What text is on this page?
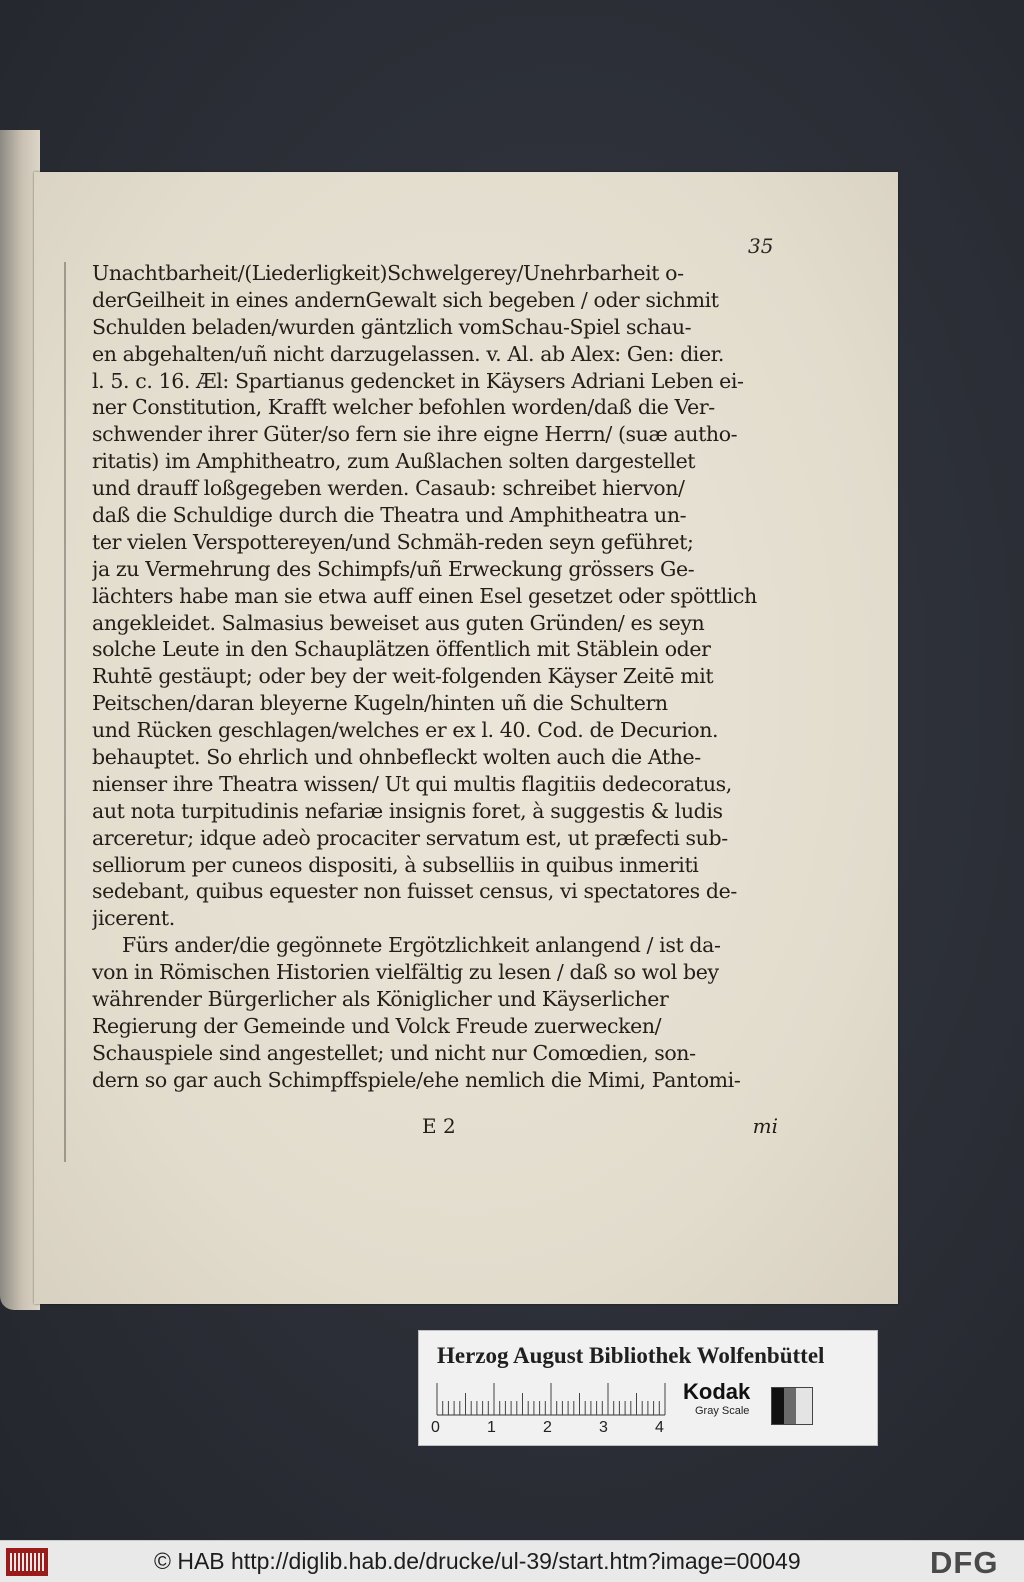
35
Unachtbarheit/(Liederligkeit)Schwelgerey/Unehrbarheit o-
derGeilheit in eines andernGewalt sich begeben / oder sichmit
Schulden beladen/wurden gäntzlich vomSchau-Spiel schau-
en abgehalten/uñ nicht darzugelassen. v. Al. ab Alex: Gen: dier.
l. 5. c. 16. Æl: Spartianus gedencket in Käysers Adriani Leben ei-
ner Constitution, Krafft welcher befohlen worden/daß die Ver-
schwender ihrer Güter/so fern sie ihre eigne Herrn/ (suæ autho-
ritatis) im Amphitheatro, zum Außlachen solten dargestellet
und drauff loßgegeben werden. Casaub: schreibet hiervon/
daß die Schuldige durch die Theatra und Amphitheatra un-
ter vielen Verspottereyen/und Schmäh-reden seyn geführet;
ja zu Vermehrung des Schimpfs/uñ Erweckung grössers Ge-
lächters habe man sie etwa auff einen Esel gesetzet oder spöttlich
angekleidet. Salmasius beweiset aus guten Gründen/ es seyn
solche Leute in den Schauplätzen öffentlich mit Stäblein oder
Ruhtē gestäupt; oder bey der weit-folgenden Käyser Zeitē mit
Peitschen/daran bleyerne Kugeln/hinten uñ die Schultern
und Rücken geschlagen/welches er ex l. 40. Cod. de Decurion.
behauptet. So ehrlich und ohnbefleckt wolten auch die Athe-
nienser ihre Theatra wissen/ Ut qui multis flagitiis dedecoratus,
aut nota turpitudinis nefariæ insignis foret, à suggestis & ludis
arceretur; idque adeò procaciter servatum est, ut præfecti sub-
selliorum per cuneos dispositi, à subselliis in quibus inmeriti
sedebant, quibus equester non fuisset census, vi spectatores de-
jicerent.
Fürs ander/die gegönnete Ergötzlichkeit anlangend / ist da-
von in Römischen Historien vielfältig zu lesen / daß so wol bey
währender Bürgerlicher als Königlicher und Käyserlicher
Regierung der Gemeinde und Volck Freude zuerwecken/
Schauspiele sind angestellet; und nicht nur Comœdien, son-
dern so gar auch Schimpffspiele/ehe nemlich die Mimi, Pantomi-
E 2	mi
Herzog August Bibliothek Wolfenbüttel
0	1	2	3	4
Kodak
Gray Scale
© HAB http://diglib.hab.de/drucke/ul-39/start.htm?image=00049	DFG
